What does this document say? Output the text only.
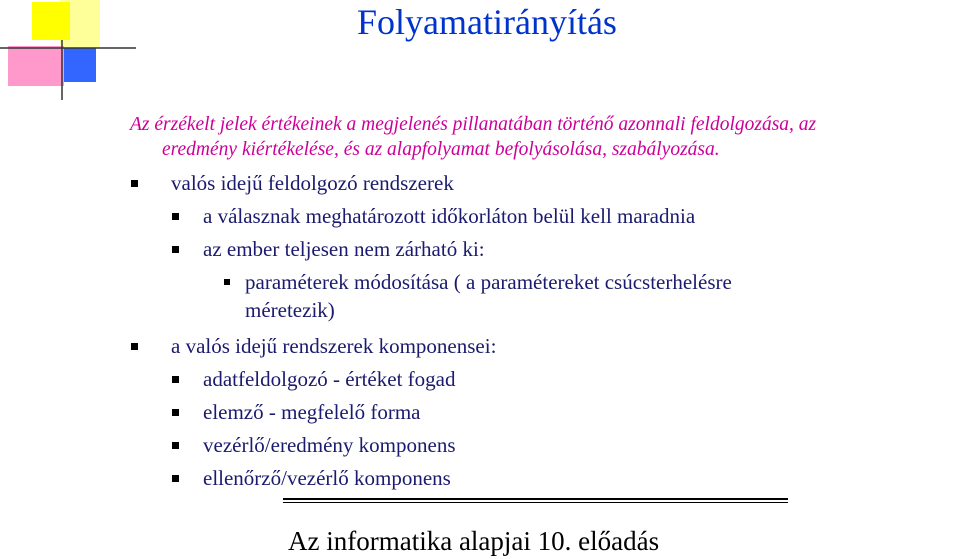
Folyamatirányítás
Az érzékelt jelek értékeinek a megjelenés pillanatában történő azonnali feldolgozása, az
eredmény kiértékelése, és az alapfolyamat befolyásolása, szabályozása.
valós idejű feldolgozó rendszerek
a válasznak meghatározott időkorláton belül kell maradnia
az ember teljesen nem zárható ki:
paraméterek módosítása ( a paramétereket csúcsterhelésre
méretezik)
a valós idejű rendszerek komponensei:
adatfeldolgozó - értéket fogad
elemző - megfelelő forma
vezérlő/eredmény komponens
ellenőrző/vezérlő komponens
Az informatika alapjai 10. előadás
